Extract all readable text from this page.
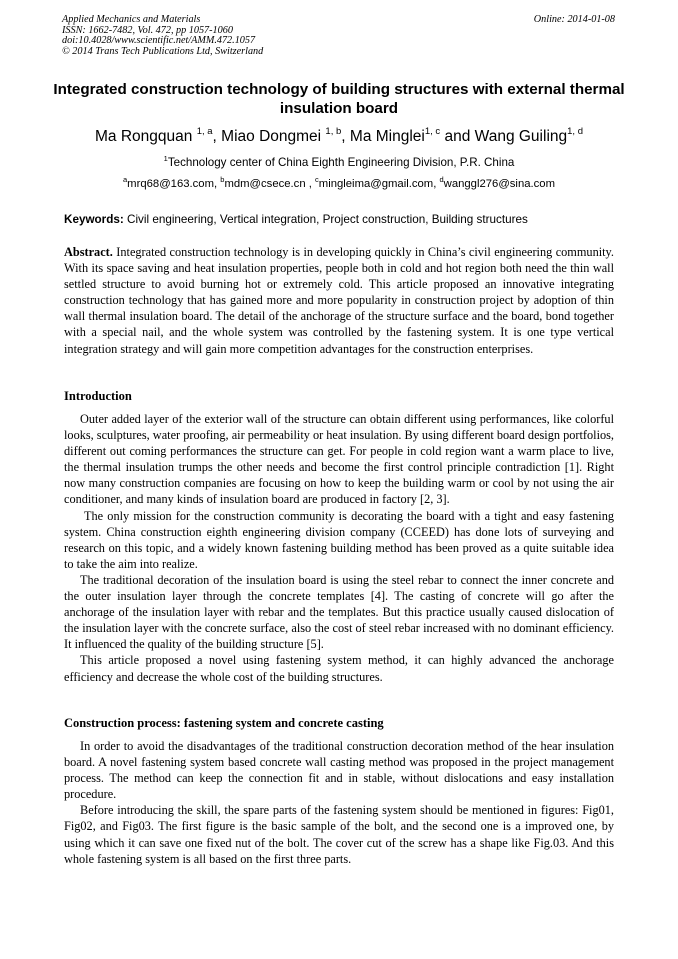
Applied Mechanics and Materials
ISSN: 1662-7482, Vol. 472, pp 1057-1060
doi:10.4028/www.scientific.net/AMM.472.1057
© 2014 Trans Tech Publications Ltd, Switzerland
Online: 2014-01-08
Integrated construction technology of building structures with external thermal insulation board
Ma Rongquan $^{1, a}$, Miao Dongmei $^{1, b}$, Ma Minglei$^{1, c}$ and Wang Guiling$^{1, d}$
$^1$Technology center of China Eighth Engineering Division, P.R. China
$^a$mrq68@163.com, $^b$mdm@csece.cn , $^c$mingleima@gmail.com, $^d$wanggl276@sina.com
Keywords: Civil engineering, Vertical integration, Project construction, Building structures

Abstract. Integrated construction technology is in developing quickly in China’s civil engineering community. With its space saving and heat insulation properties, people both in cold and hot region both need the thin wall settled structure to avoid burning hot or extremely cold. This article proposed an innovative integrating construction technology that has gained more and more popularity in construction project by adoption of thin wall thermal insulation board. The detail of the anchorage of the structure surface and the board, bond together with a special nail, and the whole system was controlled by the fastening system. It is one type vertical integration strategy and will gain more competition advantages for the construction enterprises.

Introduction

Outer added layer of the exterior wall of the structure can obtain different using performances, like colorful looks, sculptures, water proofing, air permeability or heat insulation. By using different board design portfolios, different out coming performances the structure can get. For people in cold region want a warm place to live, the thermal insulation trumps the other needs and become the first control principle contradiction [1]. Right now many construction companies are focusing on how to keep the building warm or cool by not using the air conditioner, and many kinds of insulation board are produced in factory [2, 3].

The only mission for the construction community is decorating the board with a tight and easy fastening system. China construction eighth engineering division company (CCEED) has done lots of surveying and research on this topic, and a widely known fastening building method has been proved as a quite suitable idea to take the aim into realize.

The traditional decoration of the insulation board is using the steel rebar to connect the inner concrete and the outer insulation layer through the concrete templates [4]. The casting of concrete will go after the anchorage of the insulation layer with rebar and the templates. But this practice usually caused dislocation of the insulation layer with the concrete surface, also the cost of steel rebar increased with no dominant efficiency. It influenced the quality of the building structure [5].

This article proposed a novel using fastening system method, it can highly advanced the anchorage efficiency and decrease the whole cost of the building structures.

Construction process: fastening system and concrete casting

In order to avoid the disadvantages of the traditional construction decoration method of the hear insulation board. A novel fastening system based concrete wall casting method was proposed in the project management process. The method can keep the connection fit and in stable, without dislocations and easy installation procedure.

Before introducing the skill, the spare parts of the fastening system should be mentioned in figures: Fig01, Fig02, and Fig03. The first figure is the basic sample of the bolt, and the second one is a improved one, by using which it can save one fixed nut of the bolt. The cover cut of the screw has a shape like Fig.03. And this whole fastening system is all based on the first three parts.
